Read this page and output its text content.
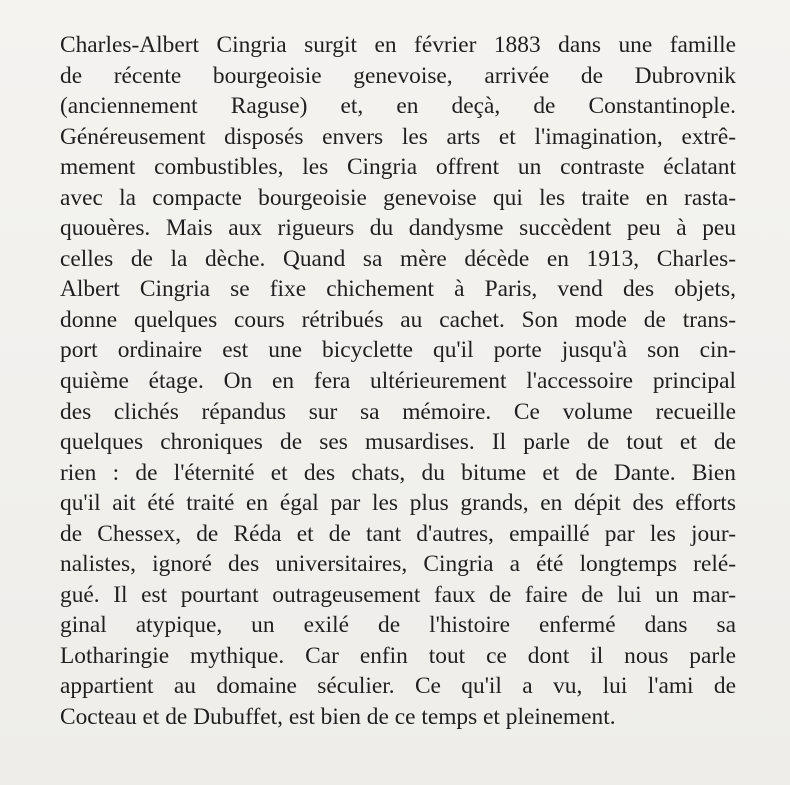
Charles-Albert Cingria surgit en février 1883 dans une famille
de récente bourgeoisie genevoise, arrivée de Dubrovnik
(anciennement Raguse) et, en deçà, de Constantinople.
Généreusement disposés envers les arts et l'imagination, extrê-
mement combustibles, les Cingria offrent un contraste éclatant
avec la compacte bourgeoisie genevoise qui les traite en rasta-
quouères. Mais aux rigueurs du dandysme succèdent peu à peu
celles de la dèche. Quand sa mère décède en 1913, Charles-
Albert Cingria se fixe chichement à Paris, vend des objets,
donne quelques cours rétribués au cachet. Son mode de trans-
port ordinaire est une bicyclette qu'il porte jusqu'à son cin-
quième étage. On en fera ultérieurement l'accessoire principal
des clichés répandus sur sa mémoire. Ce volume recueille
quelques chroniques de ses musardises. Il parle de tout et de
rien : de l'éternité et des chats, du bitume et de Dante. Bien
qu'il ait été traité en égal par les plus grands, en dépit des efforts
de Chessex, de Réda et de tant d'autres, empaillé par les jour-
nalistes, ignoré des universitaires, Cingria a été longtemps relé-
gué. Il est pourtant outrageusement faux de faire de lui un mar-
ginal atypique, un exilé de l'histoire enfermé dans sa
Lotharingie mythique. Car enfin tout ce dont il nous parle
appartient au domaine séculier. Ce qu'il a vu, lui l'ami de
Cocteau et de Dubuffet, est bien de ce temps et pleinement.
